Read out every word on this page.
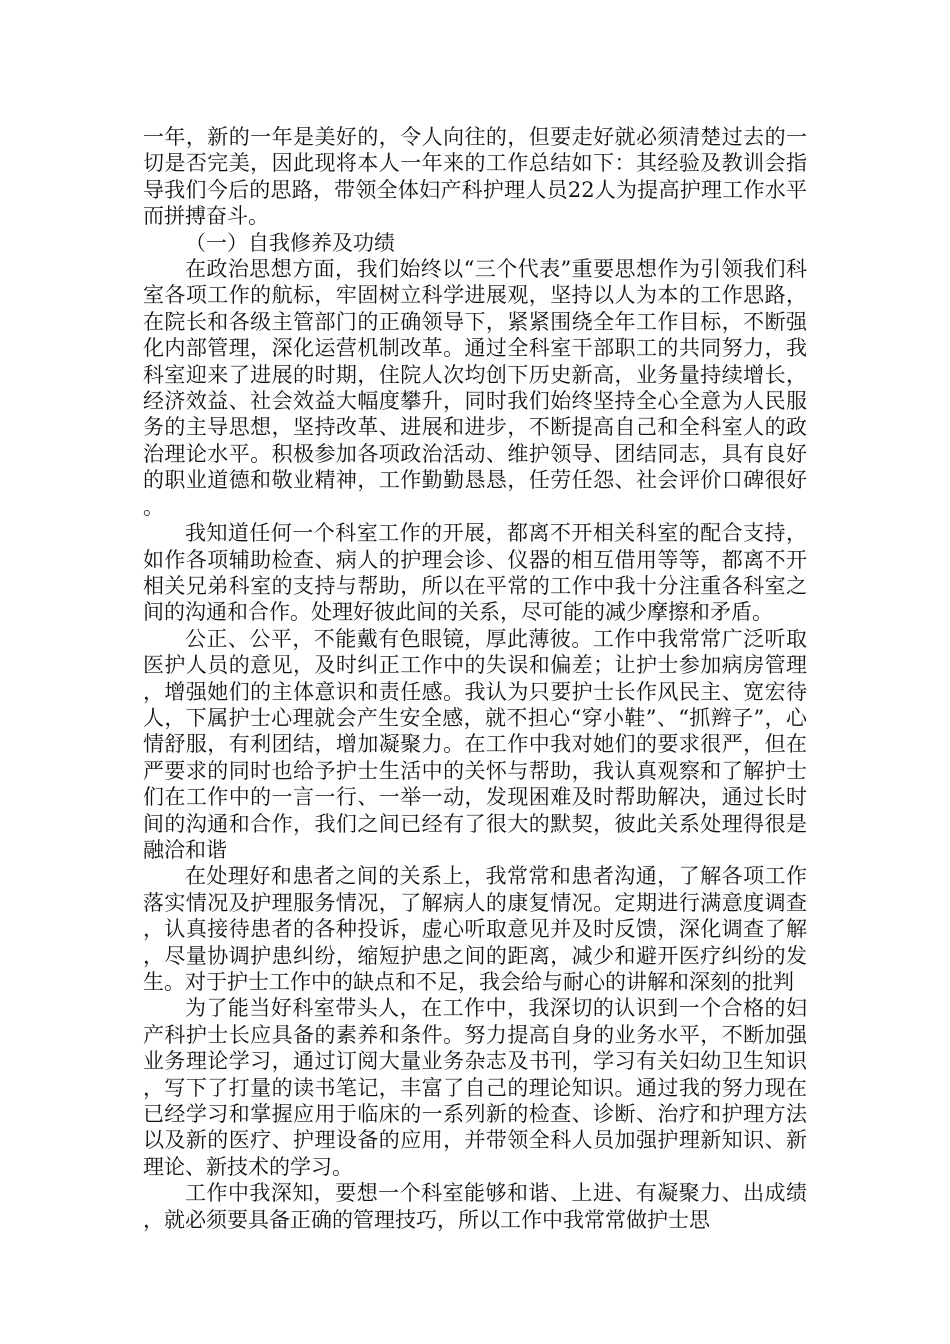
一年，新的一年是美好的，令人向往的，但要走好就必须清楚过去的一切是否完美，因此现将本人一年来的工作总结如下：其经验及教训会指导我们今后的思路，带领全体妇产科护理人员22人为提高护理工作水平而拼搏奋斗。

（一）自我修养及功绩

在政治思想方面，我们始终以“三个代表”重要思想作为引领我们科室各项工作的航标，牢固树立科学进展观，坚持以人为本的工作思路，在院长和各级主管部门的正确领导下，紧紧围绕全年工作目标，不断强化内部管理，深化运营机制改革。通过全科室干部职工的共同努力，我科室迎来了进展的时期，住院人次均创下历史新高，业务量持续增长，经济效益、社会效益大幅度攀升，同时我们始终坚持全心全意为人民服务的主导思想，坚持改革、进展和进步，不断提高自己和全科室人的政治理论水平。积极参加各项政治活动、维护领导、团结同志，具有良好的职业道德和敬业精神，工作勤勤恳恳，任劳任怨、社会评价口碑很好。

我知道任何一个科室工作的开展，都离不开相关科室的配合支持，如作各项辅助检查、病人的护理会诊、仪器的相互借用等等，都离不开相关兄弟科室的支持与帮助，所以在平常的工作中我十分注重各科室之间的沟通和合作。处理好彼此间的关系，尽可能的减少摩擦和矛盾。

公正、公平，不能戴有色眼镜，厚此薄彼。工作中我常常广泛听取医护人员的意见，及时纠正工作中的失误和偏差；让护士参加病房管理，增强她们的主体意识和责任感。我认为只要护士长作风民主、宽宏待人，下属护士心理就会产生安全感，就不担心“穿小鞋”、“抓辫子”，心情舒服，有利团结，增加凝聚力。在工作中我对她们的要求很严，但在严要求的同时也给予护士生活中的关怀与帮助，我认真观察和了解护士们在工作中的一言一行、一举一动，发现困难及时帮助解决，通过长时间的沟通和合作，我们之间已经有了很大的默契，彼此关系处理得很是融洽和谐

在处理好和患者之间的关系上，我常常和患者沟通，了解各项工作落实情况及护理服务情况，了解病人的康复情况。定期进行满意度调查，认真接待患者的各种投诉，虚心听取意见并及时反馈，深化调查了解，尽量协调护患纠纷，缩短护患之间的距离，减少和避开医疗纠纷的发生。对于护士工作中的缺点和不足，我会给与耐心的讲解和深刻的批判

为了能当好科室带头人，在工作中，我深切的认识到一个合格的妇产科护士长应具备的素养和条件。努力提高自身的业务水平，不断加强业务理论学习，通过订阅大量业务杂志及书刊，学习有关妇幼卫生知识，写下了打量的读书笔记，丰富了自己的理论知识。通过我的努力现在已经学习和掌握应用于临床的一系列新的检查、诊断、治疗和护理方法以及新的医疗、护理设备的应用，并带领全科人员加强护理新知识、新理论、新技术的学习。

工作中我深知，要想一个科室能够和谐、上进、有凝聚力、出成绩，就必须要具备正确的管理技巧，所以工作中我常常做护士思
